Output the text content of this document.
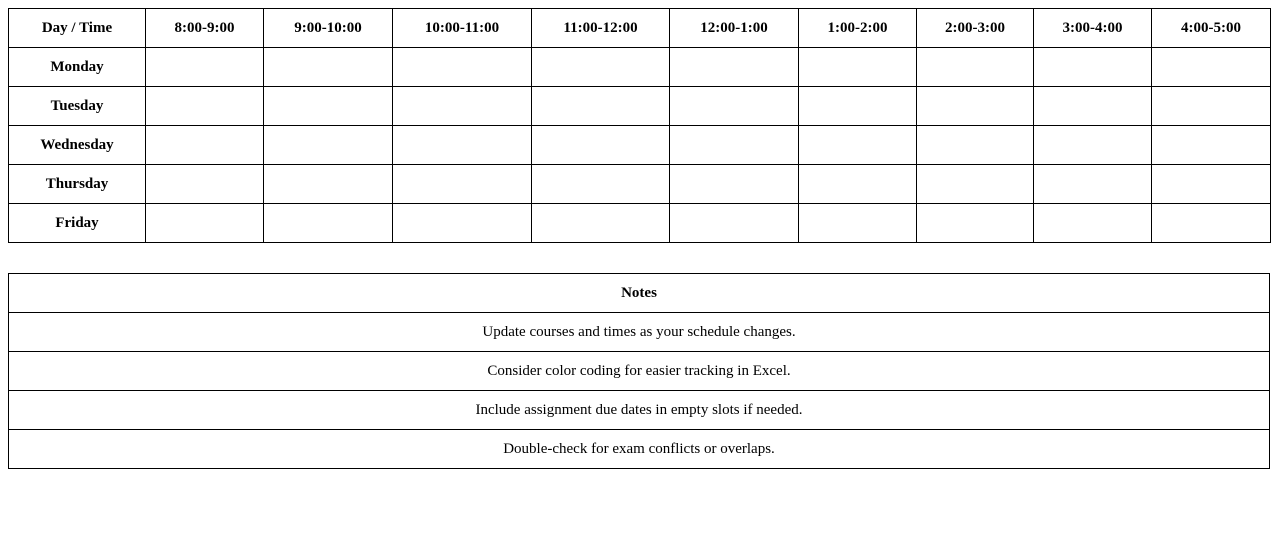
Day / Time	8:00-9:00	9:00-10:00	10:00-11:00	11:00-12:00	12:00-1:00	1:00-2:00	2:00-3:00	3:00-4:00	4:00-5:00
Monday									
Tuesday									
Wednesday									
Thursday									
Friday									
Notes
Update courses and times as your schedule changes.
Consider color coding for easier tracking in Excel.
Include assignment due dates in empty slots if needed.
Double-check for exam conflicts or overlaps.
